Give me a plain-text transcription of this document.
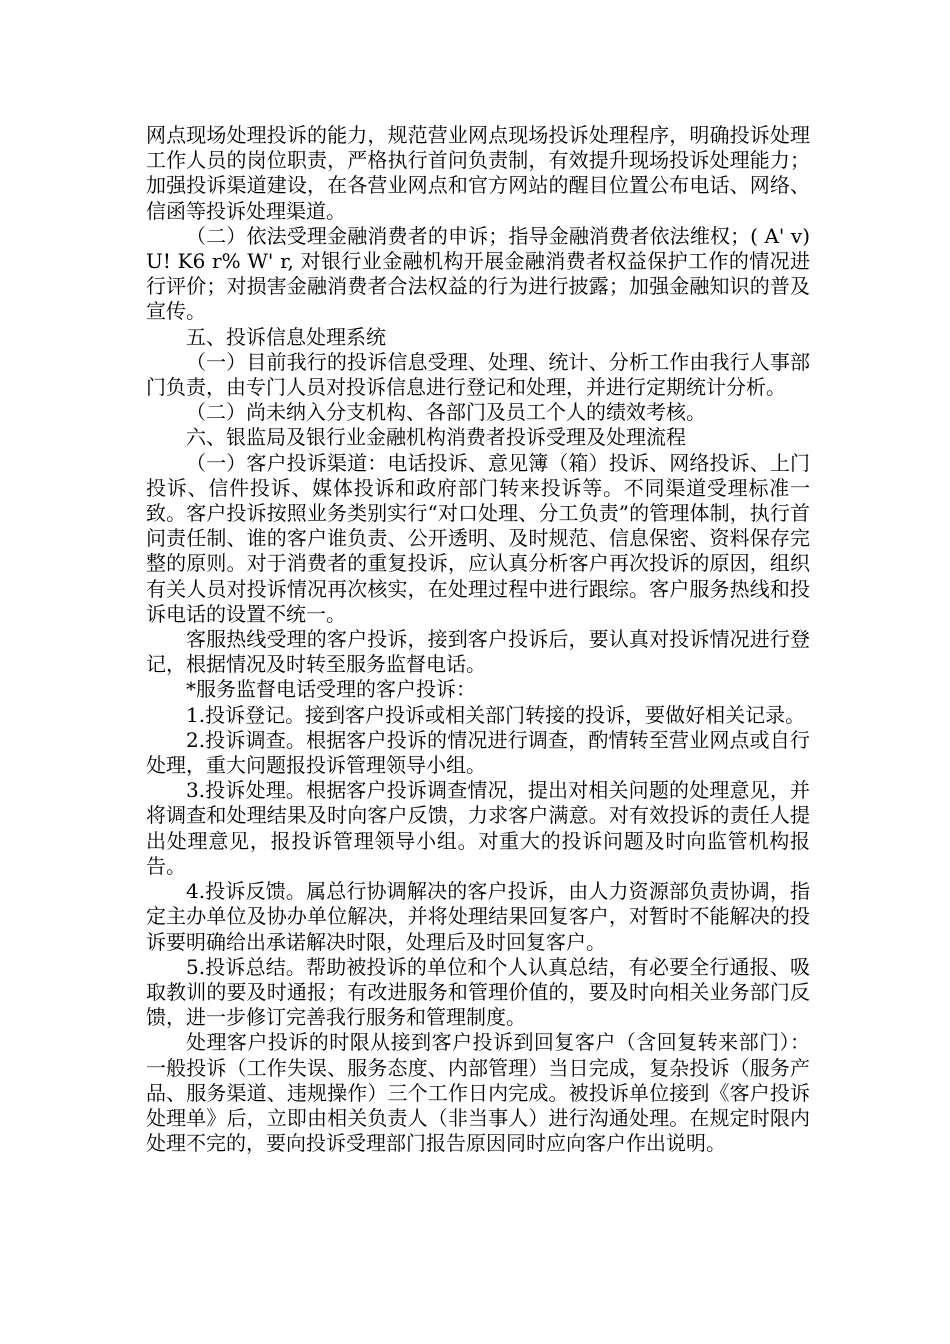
网点现场处理投诉的能力，规范营业网点现场投诉处理程序，明确投诉处理工作人员的岗位职责，严格执行首问负责制，有效提升现场投诉处理能力；加强投诉渠道建设，在各营业网点和官方网站的醒目位置公布电话、网络、信函等投诉处理渠道。

（二）依法受理金融消费者的申诉；指导金融消费者依法维权；( A' v) U! K6 r% W' r, 对银行业金融机构开展金融消费者权益保护工作的情况进行评价；对损害金融消费者合法权益的行为进行披露；加强金融知识的普及宣传。

五、投诉信息处理系统

（一）目前我行的投诉信息受理、处理、统计、分析工作由我行人事部门负责，由专门人员对投诉信息进行登记和处理，并进行定期统计分析。

（二）尚未纳入分支机构、各部门及员工个人的绩效考核。

六、银监局及银行业金融机构消费者投诉受理及处理流程

（一）客户投诉渠道：电话投诉、意见簿（箱）投诉、网络投诉、上门投诉、信件投诉、媒体投诉和政府部门转来投诉等。不同渠道受理标准一致。客户投诉按照业务类别实行“对口处理、分工负责”的管理体制，执行首问责任制、谁的客户谁负责、公开透明、及时规范、信息保密、资料保存完整的原则。对于消费者的重复投诉，应认真分析客户再次投诉的原因，组织有关人员对投诉情况再次核实，在处理过程中进行跟综。客户服务热线和投诉电话的设置不统一。

客服热线受理的客户投诉，接到客户投诉后，要认真对投诉情况进行登记，根据情况及时转至服务监督电话。

*服务监督电话受理的客户投诉：

1.投诉登记。接到客户投诉或相关部门转接的投诉，要做好相关记录。

2.投诉调查。根据客户投诉的情况进行调查，酌情转至营业网点或自行处理，重大问题报投诉管理领导小组。

3.投诉处理。根据客户投诉调查情况，提出对相关问题的处理意见，并将调查和处理结果及时向客户反馈，力求客户满意。对有效投诉的责任人提出处理意见，报投诉管理领导小组。对重大的投诉问题及时向监管机构报告。

4.投诉反馈。属总行协调解决的客户投诉，由人力资源部负责协调，指定主办单位及协办单位解决，并将处理结果回复客户，对暂时不能解决的投诉要明确给出承诺解决时限，处理后及时回复客户。

5.投诉总结。帮助被投诉的单位和个人认真总结，有必要全行通报、吸取教训的要及时通报；有改进服务和管理价值的，要及时向相关业务部门反馈，进一步修订完善我行服务和管理制度。

处理客户投诉的时限从接到客户投诉到回复客户（含回复转来部门）：一般投诉（工作失误、服务态度、内部管理）当日完成，复杂投诉（服务产品、服务渠道、违规操作）三个工作日内完成。被投诉单位接到《客户投诉处理单》后，立即由相关负责人（非当事人）进行沟通处理。在规定时限内处理不完的，要向投诉受理部门报告原因同时应向客户作出说明。
